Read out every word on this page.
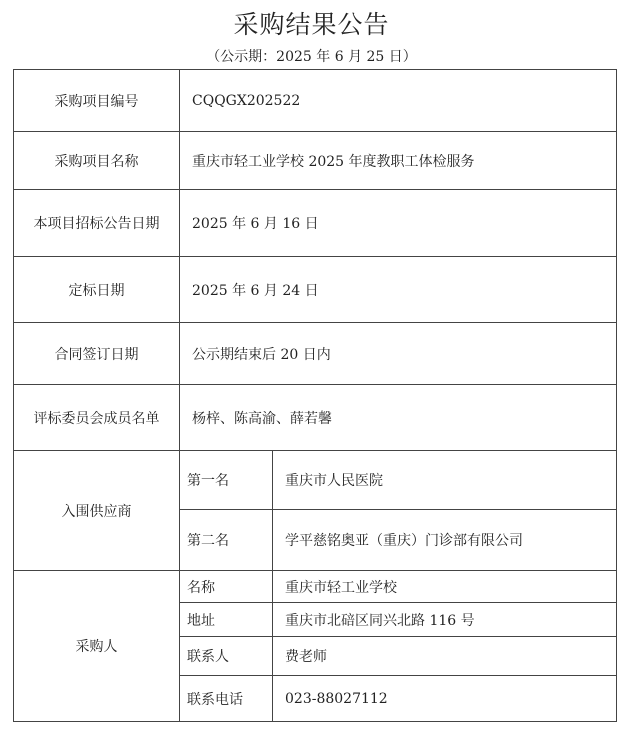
采购结果公告
（公示期：2025 年 6 月 25 日）
采购项目编号	CQQGX202522	
采购项目名称	重庆市轻工业学校 2025 年度教职工体检服务	
本项目招标公告日期	2025 年 6 月 16 日	
定标日期	2025 年 6 月 24 日	
合同签订日期	公示期结束后 20 日内	
评标委员会成员名单	杨梓、陈高渝、薛若馨	
入围供应商	第一名	重庆市人民医院
	第二名	学平慈铭奥亚（重庆）门诊部有限公司
采购人	名称	重庆市轻工业学校
	地址	重庆市北碚区同兴北路 116 号
	联系人	费老师
	联系电话	023-88027112
